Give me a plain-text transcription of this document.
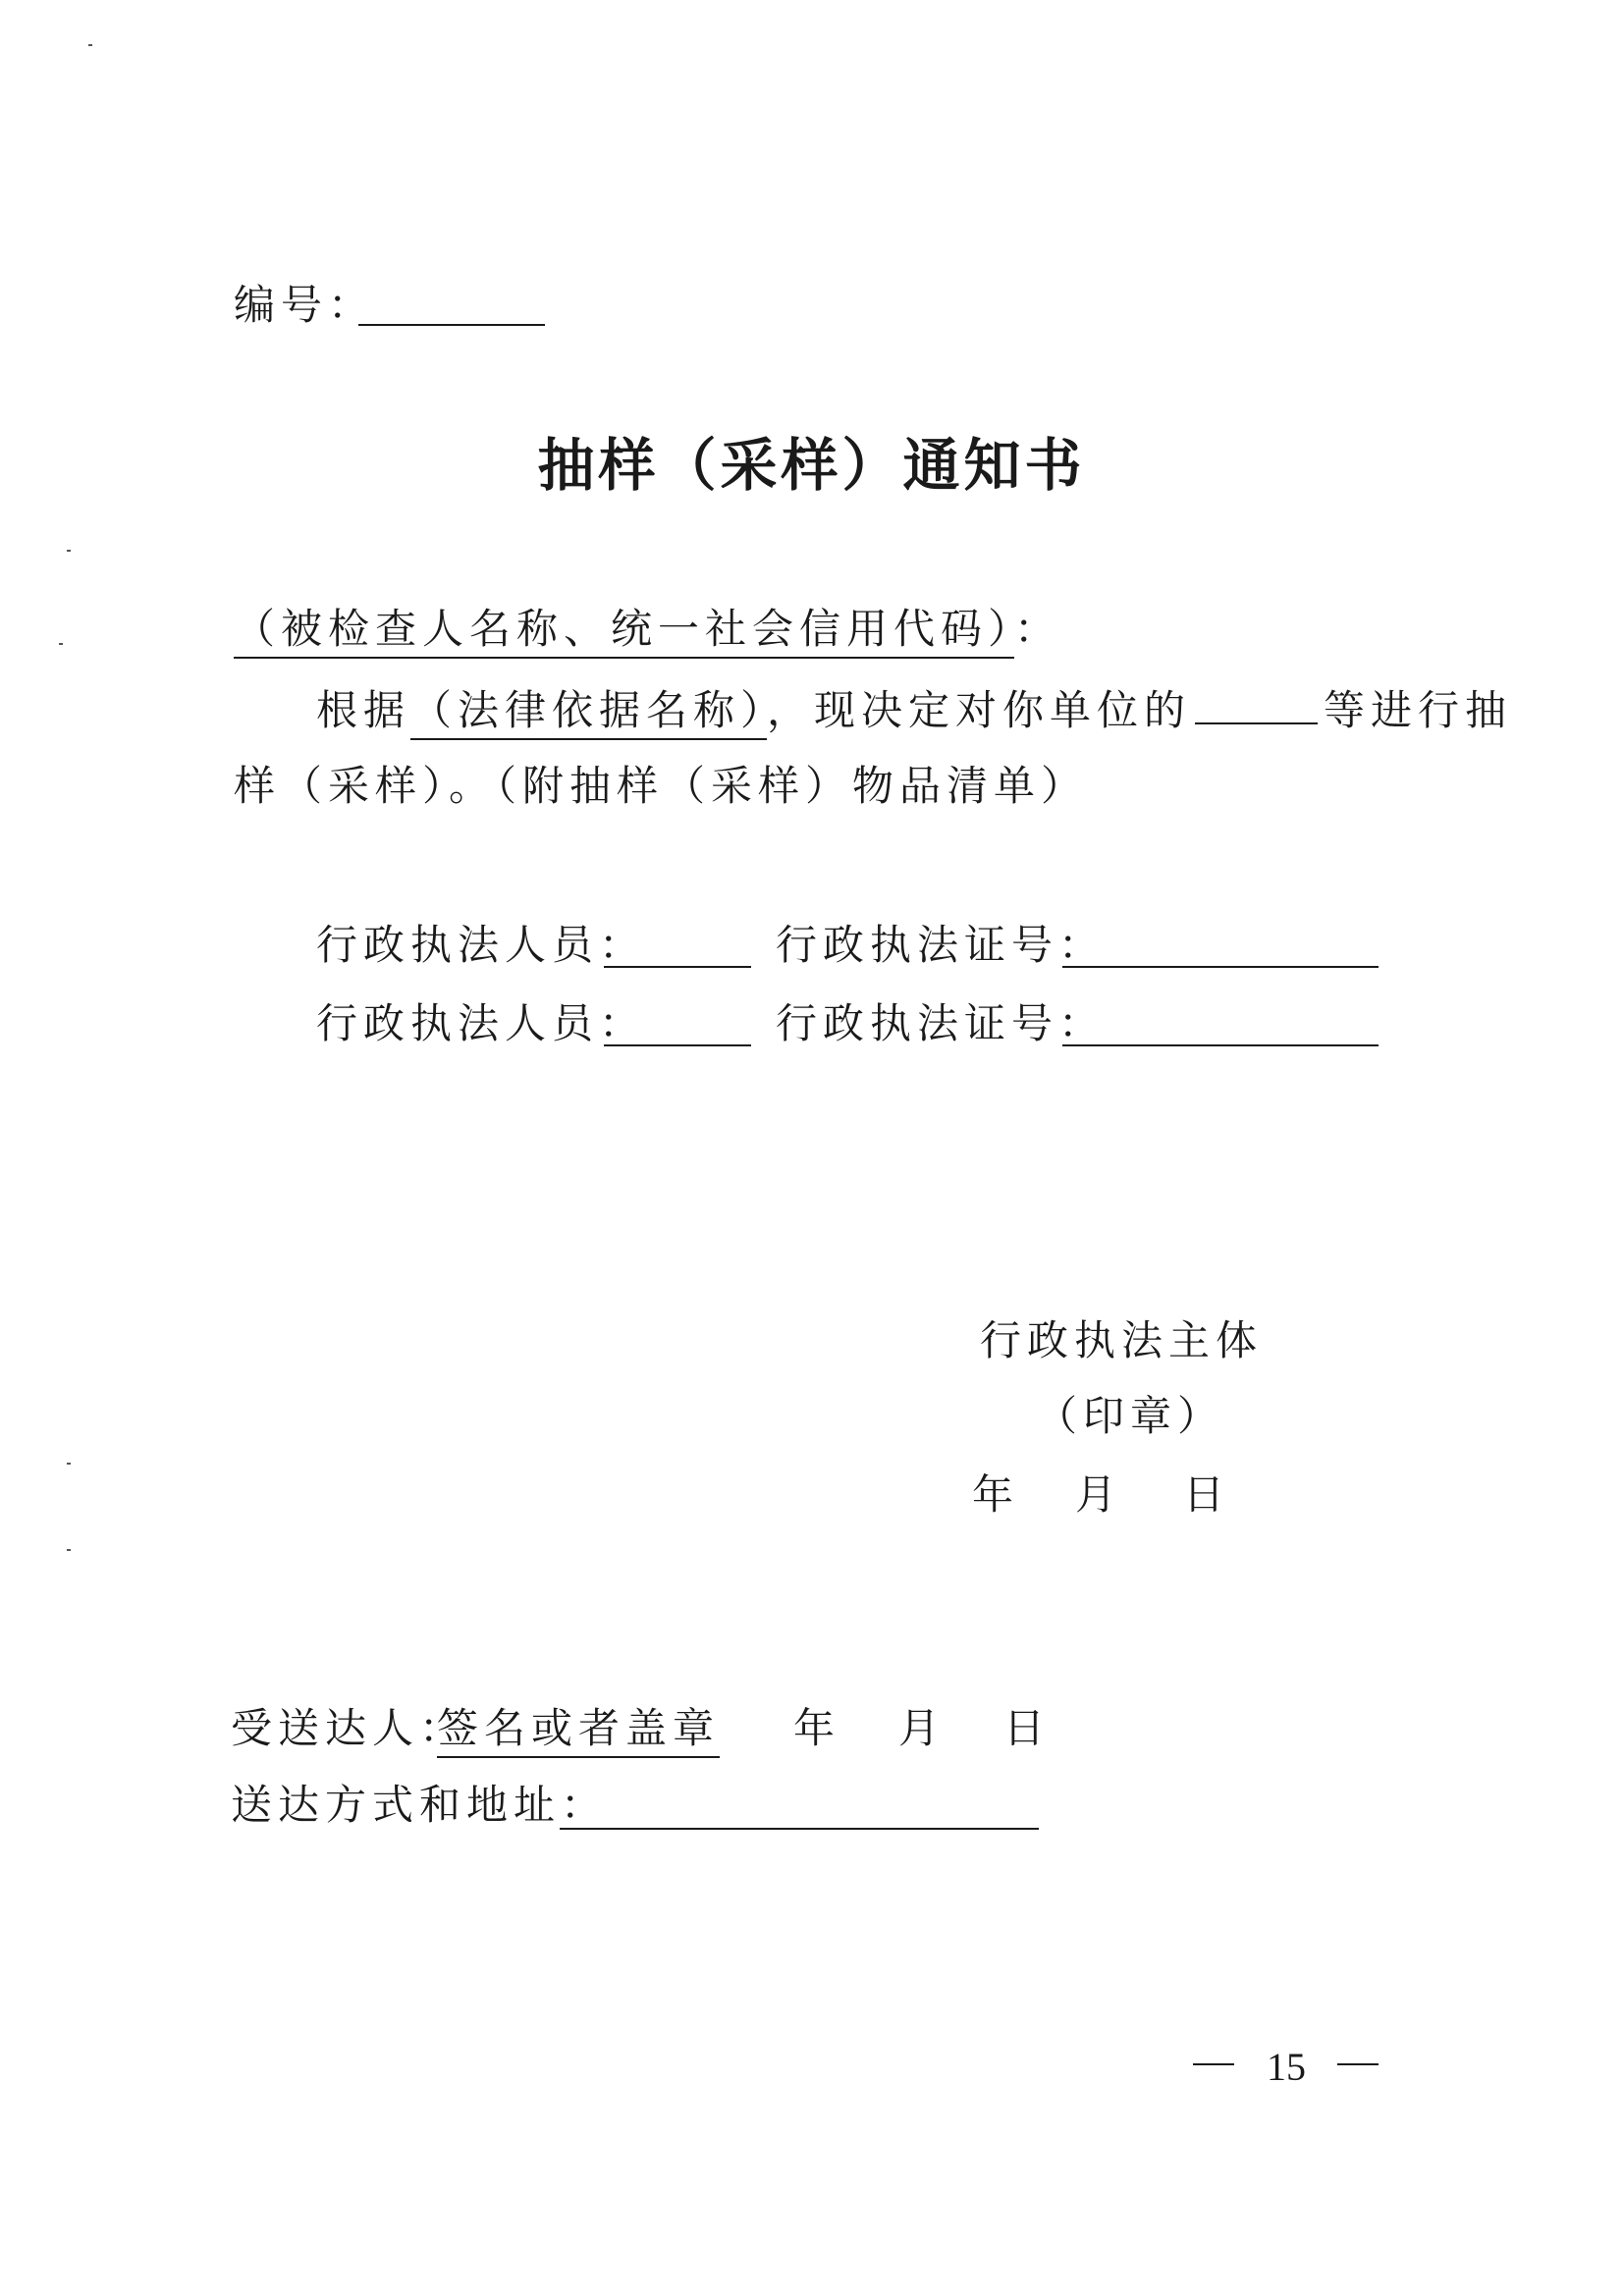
编号：
抽样（采样）通知书
（被检查人名称、统一社会信用代码）：
根据（法律依据名称），现决定对你单位的	等进行抽
样（采样）。（附抽样（采样）物品清单）
行政执法人员：	行政执法证号：
行政执法人员：	行政执法证号：
行政执法主体
（印章）
年 月 日
受送达人：
签名或者盖章 年 月 日
送达方式和地址：
15
